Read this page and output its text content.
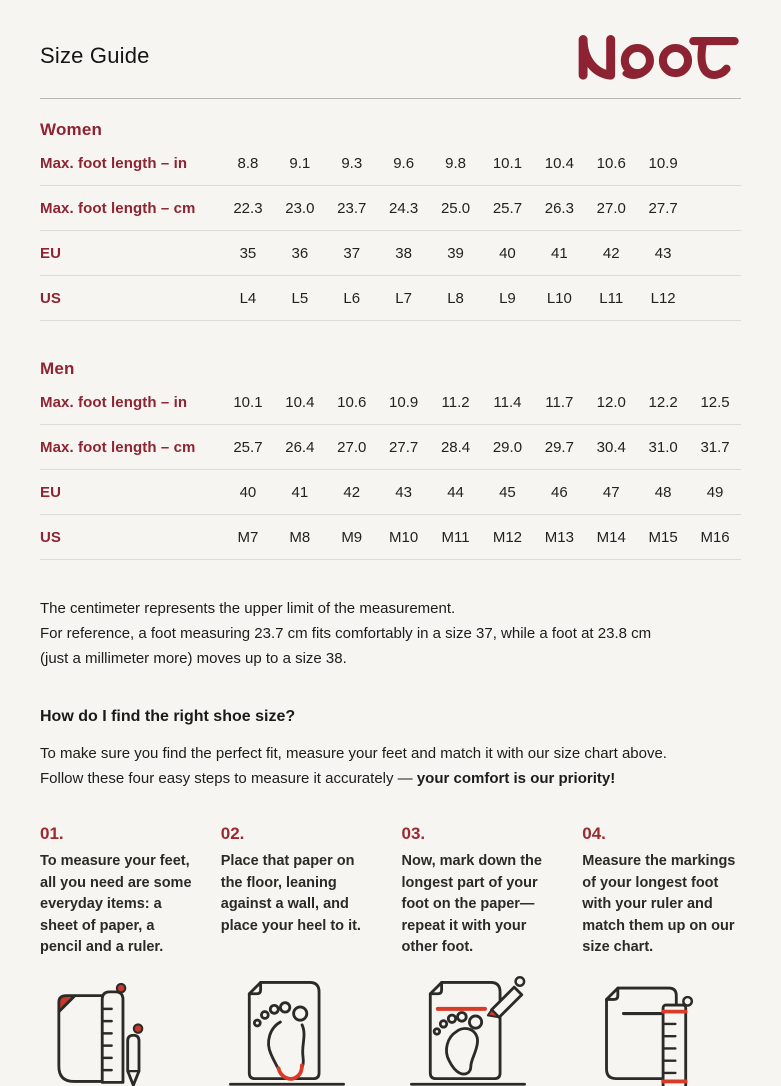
Size Guide
Women
Max. foot length – in	8.8	9.1	9.3	9.6	9.8	10.1	10.4	10.6	10.9
Max. foot length – cm	22.3	23.0	23.7	24.3	25.0	25.7	26.3	27.0	27.7
EU	35	36	37	38	39	40	41	42	43
US	L4	L5	L6	L7	L8	L9	L10	L11	L12
Men
Max. foot length – in	10.1	10.4	10.6	10.9	11.2	11.4	11.7	12.0	12.2	12.5
Max. foot length – cm	25.7	26.4	27.0	27.7	28.4	29.0	29.7	30.4	31.0	31.7
EU	40	41	42	43	44	45	46	47	48	49
US	M7	M8	M9	M10	M11	M12	M13	M14	M15	M16
The centimeter represents the upper limit of the measurement.
For reference, a foot measuring 23.7 cm fits comfortably in a size 37, while a foot at 23.8 cm
(just a millimeter more) moves up to a size 38.
How do I find the right shoe size?

To make sure you find the perfect fit, measure your feet and match it with our size chart above. Follow these four easy steps to measure it accurately — your comfort is our priority!

01.
To measure your feet, all you need are some everyday items: a sheet of paper, a pencil and a ruler.
02.
Place that paper on the floor, leaning against a wall, and place your heel to it.
03.
Now, mark down the longest part of your foot on the paper—repeat it with your other foot.
04.
Measure the markings of your longest foot with your ruler and match them up on our size chart.
